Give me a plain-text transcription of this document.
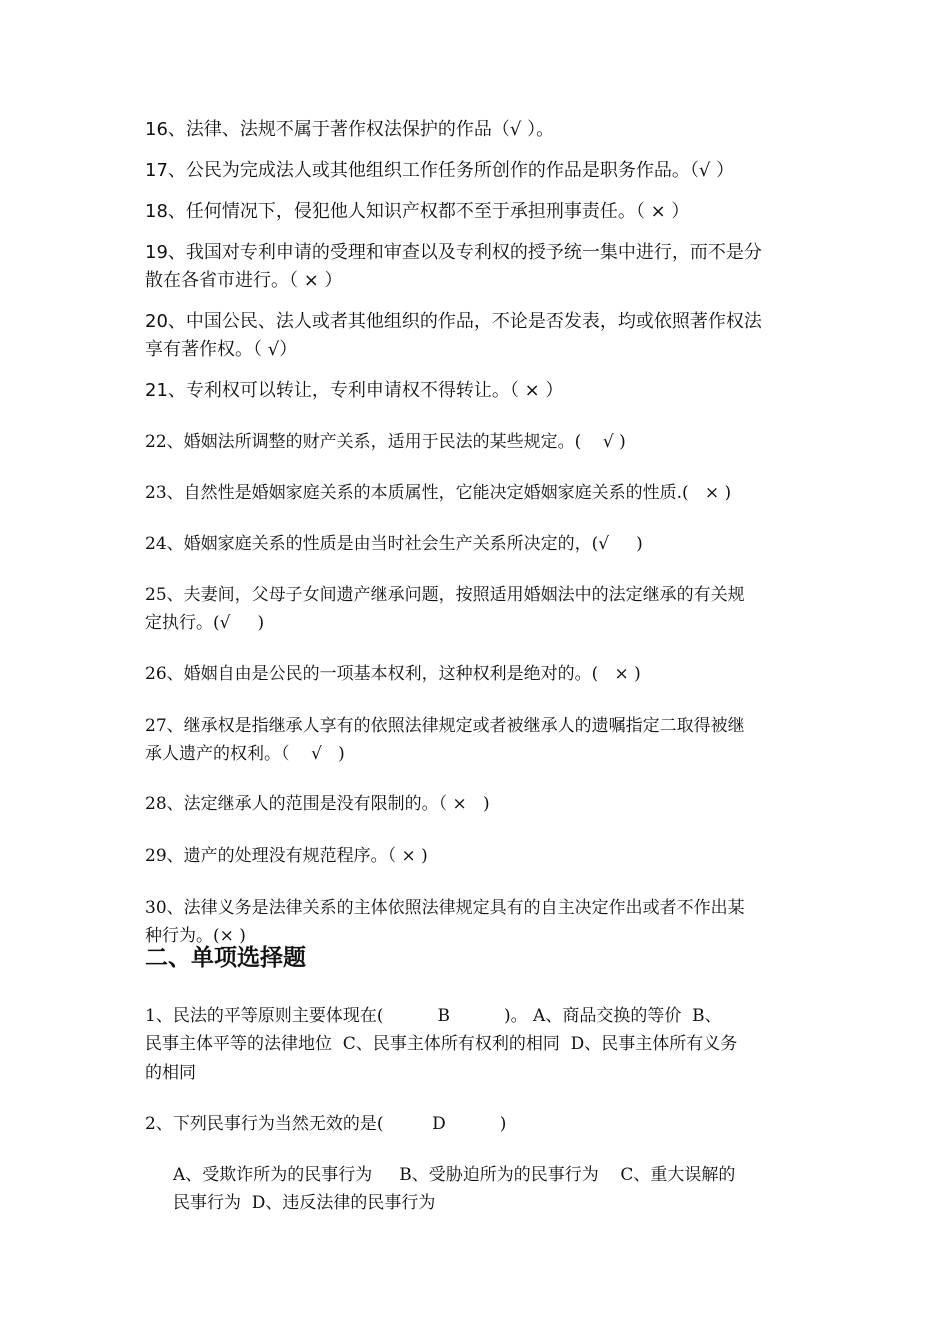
16、法律、法规不属于著作权法保护的作品（√ ）。

17、公民为完成法人或其他组织工作任务所创作的作品是职务作品。（√ ）

18、任何情况下，侵犯他人知识产权都不至于承担刑事责任。（ × ）

19、我国对专利申请的受理和审查以及专利权的授予统一集中进行，而不是分

散在各省市进行。（ × ）

20、中国公民、法人或者其他组织的作品，不论是否发表，均或依照著作权法

享有著作权。（ √）

21、专利权可以转让，专利申请权不得转让。（ × ）

22、婚姻法所调整的财产关系，适用于民法的某些规定。(    √ )

23、自然性是婚姻家庭关系的本质属性，它能决定婚姻家庭关系的性质.(   × )

24、婚姻家庭关系的性质是由当时社会生产关系所决定的，(√     )

25、夫妻间，父母子女间遗产继承问题，按照适用婚姻法中的法定继承的有关规

定执行。(√     )

26、婚姻自由是公民的一项基本权利，这种权利是绝对的。(   × )

27、继承权是指继承人享有的依照法律规定或者被继承人的遗嘱指定二取得被继

承人遗产的权利。（    √   )

28、法定继承人的范围是没有限制的。（ ×   )

29、遗产的处理没有规范程序。（ × )

30、法律义务是法律关系的主体依照法律规定具有的自主决定作出或者不作出某

种行为。(× )

二、单项选择题

1、民法的平等原则主要体现在(          B          )。 A、商品交换的等价  B、

民事主体平等的法律地位  C、民事主体所有权利的相同  D、民事主体所有义务

的相同

2、下列民事行为当然无效的是(         D          )

A、受欺诈所为的民事行为     B、受胁迫所为的民事行为    C、重大误解的

民事行为  D、违反法律的民事行为
